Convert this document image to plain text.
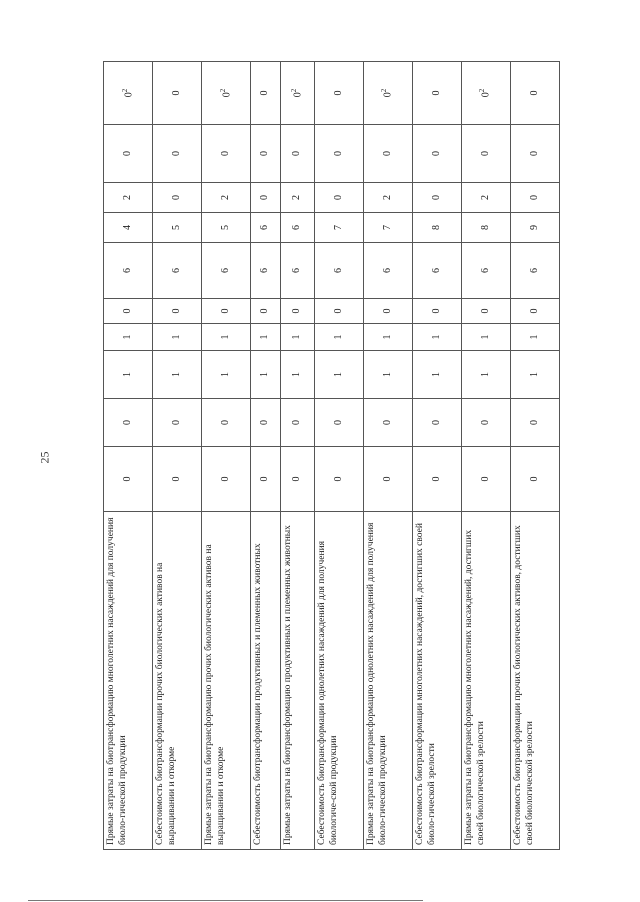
25
Прямые затраты на биотрансформацию многолетних насаждений для получения биоло-гической продукции	0	0	1	1	0	6	4	2	0	$0^2$
Себестоимость биотрансформации прочих биологических активов на выращивании и откорме	0	0	1	1	0	6	5	0	0	0
Прямые затраты на биотрансформацию прочих биологических активов на выращивании и откорме	0	0	1	1	0	6	5	2	0	$0^2$
Себестоимость биотрансформации продуктивных и племенных животных	0	0	1	1	0	6	6	0	0	0
Прямые затраты на биотрансформацию продуктивных и племенных животных	0	0	1	1	0	6	6	2	0	$0^2$
Себестоимость биотрансформации однолетних насаждений для получения биологиче-ской продукции	0	0	1	1	0	6	7	0	0	0
Прямые затраты на биотрансформацию однолетних насаждений для получения биоло-гической продукции	0	0	1	1	0	6	7	2	0	$0^2$
Себестоимость биотрансформации многолетних насаждений, достигших своей биоло-гической зрелости	0	0	1	1	0	6	8	0	0	0
Прямые затраты на биотрансформацию многолетних насаждений, достигших своей биологической зрелости	0	0	1	1	0	6	8	2	0	$0^2$
Себестоимость биотрансформации прочих биологических активов, достигших своей биологической зрелости	0	0	1	1	0	6	9	0	0	0
